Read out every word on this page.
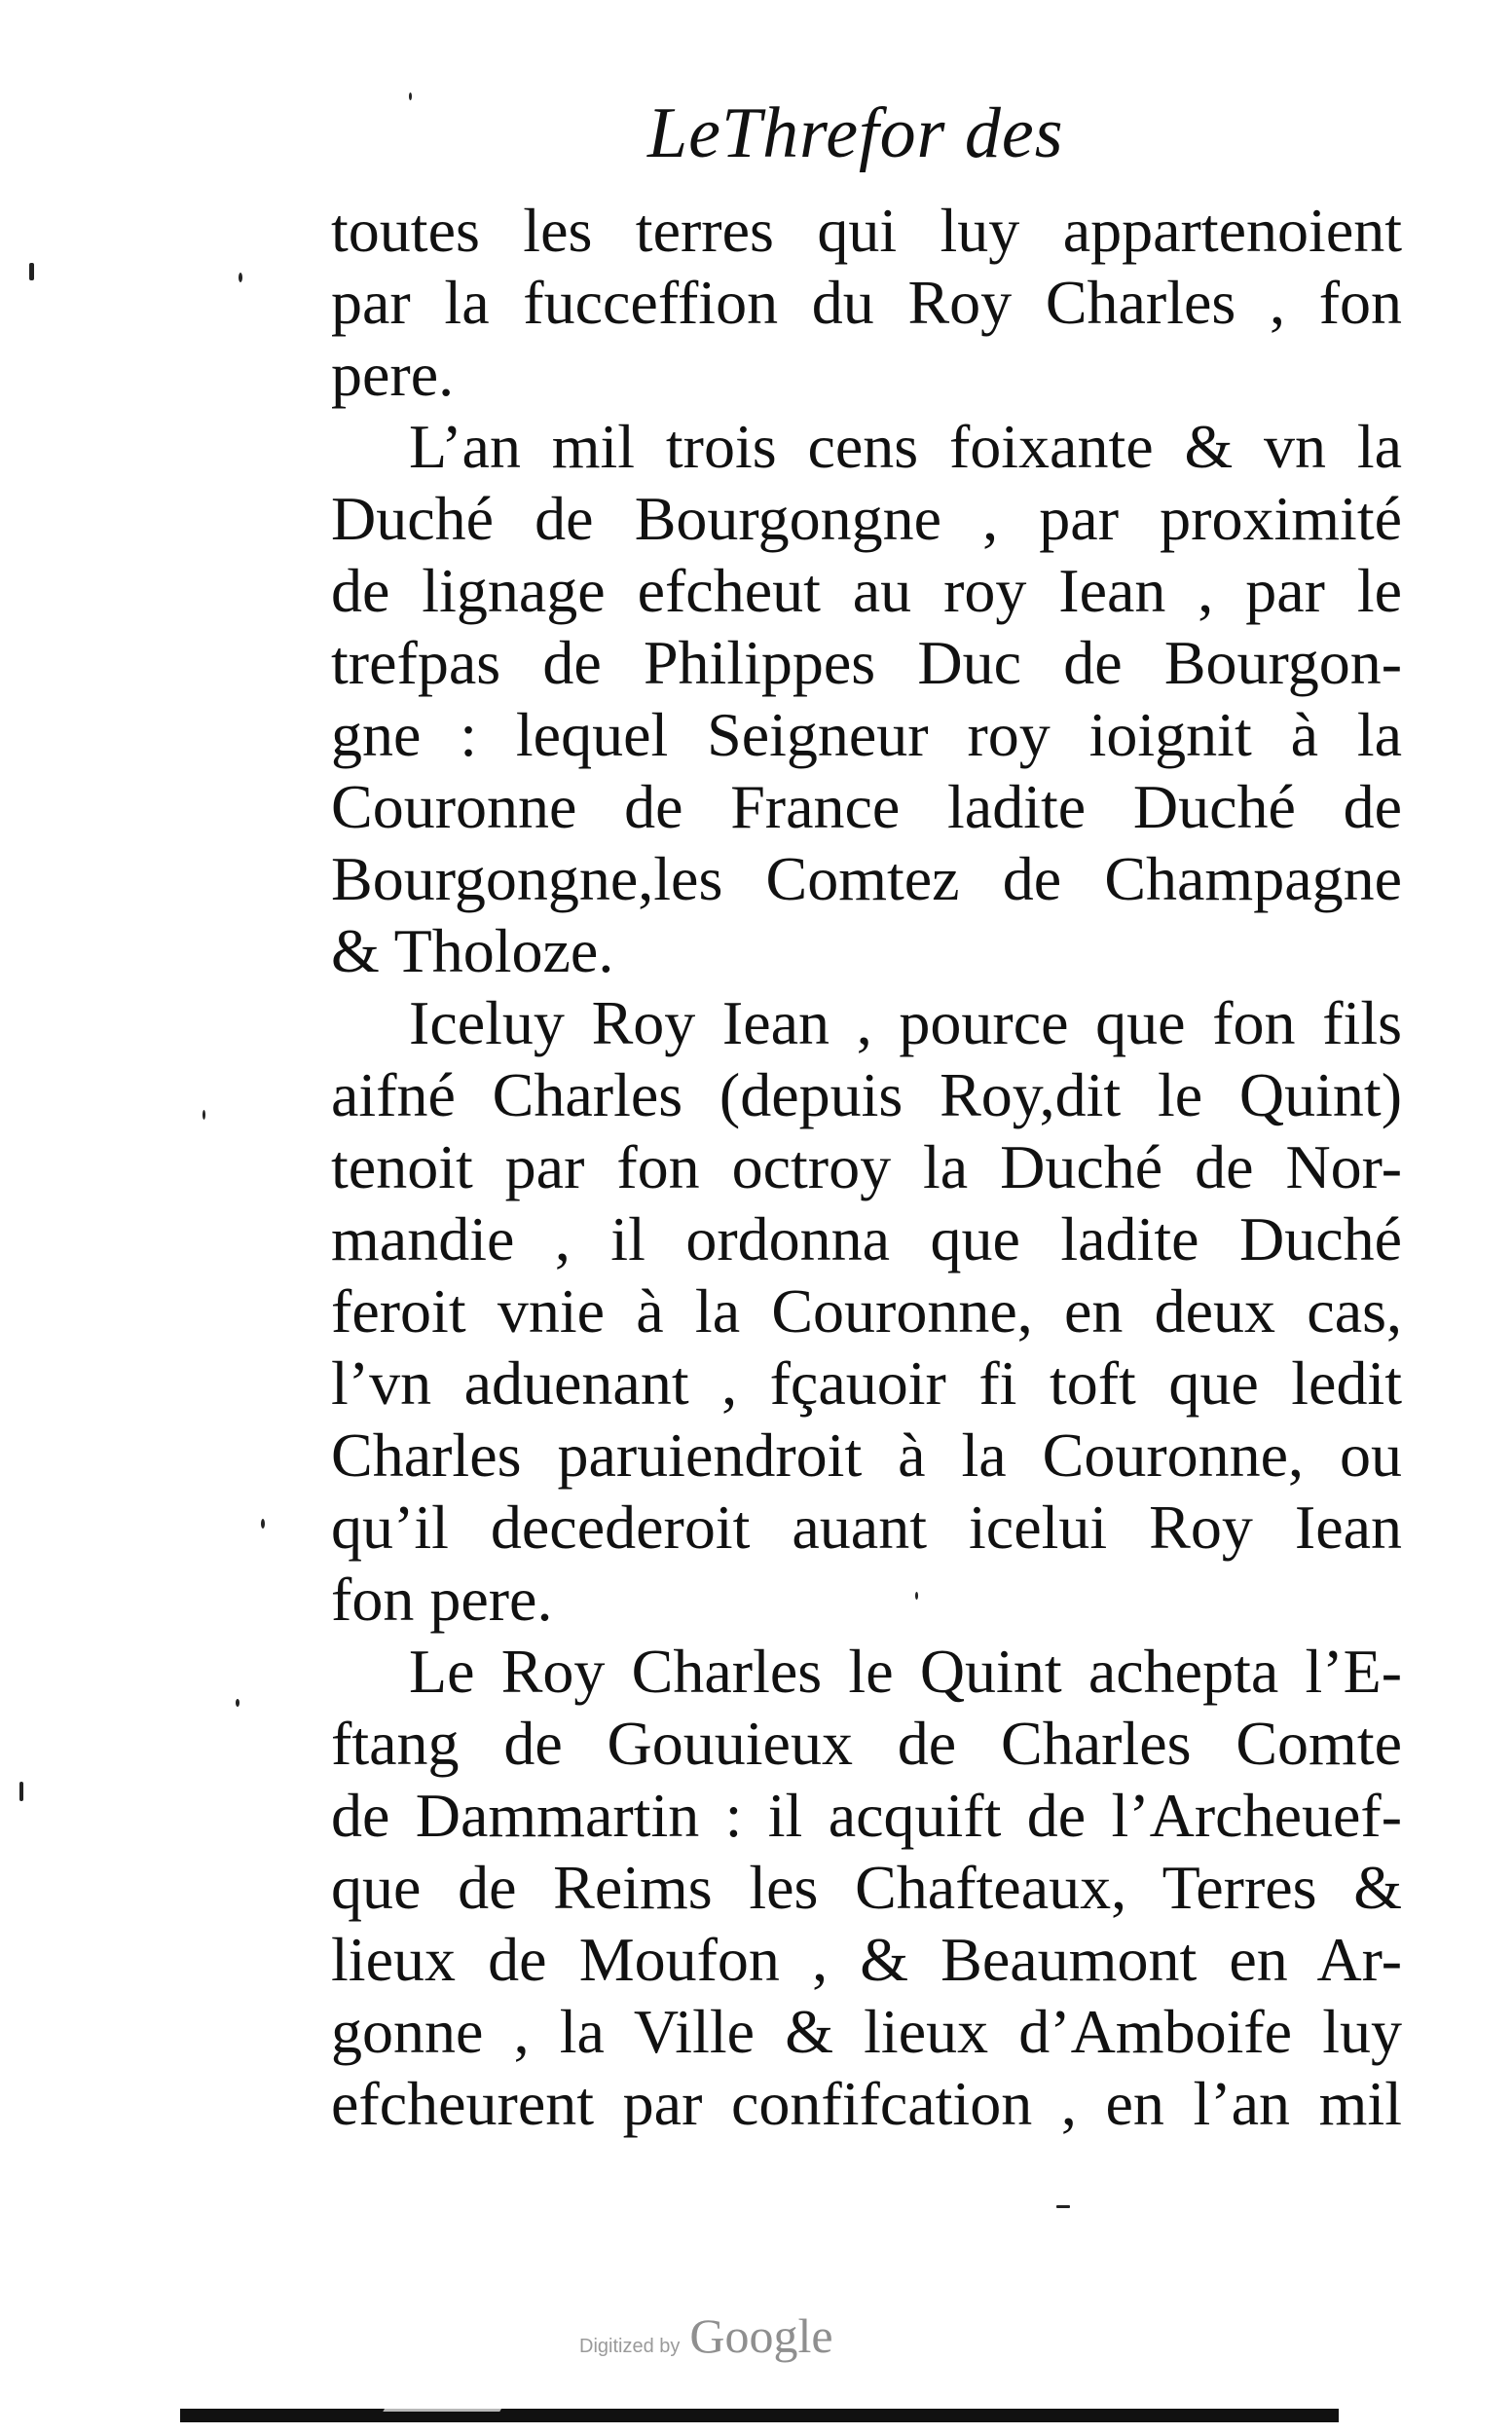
LeThrefor des
toutes les terres qui luy appartenoient
par la fucceffion du Roy Charles , fon
pere.
L’an mil trois cens foixante & vn la
Duché de Bourgongne , par proximité
de lignage efcheut au roy Iean , par le
trefpas de Philippes Duc de Bourgon-
gne : lequel Seigneur roy ioignit à la
Couronne de France ladite Duché de
Bourgongne,les Comtez de Champagne
& Tholoze.
Iceluy Roy Iean , pource que fon fils
aifné Charles (depuis Roy,dit le Quint)
tenoit par fon octroy la Duché de Nor-
mandie , il ordonna que ladite Duché
feroit vnie à la Couronne, en deux cas,
l’vn aduenant , fçauoir fi toft que ledit
Charles paruiendroit à la Couronne, ou
qu’il decederoit auant icelui Roy Iean
fon pere.
Le Roy Charles le Quint achepta l’E-
ftang de Gouuieux de Charles Comte
de Dammartin : il acquift de l’Archeuef-
que de Reims les Chafteaux, Terres &
lieux de Moufon , & Beaumont en Ar-
gonne , la Ville & lieux d’Amboife luy
efcheurent par confifcation , en l’an mil
Digitized by Google
